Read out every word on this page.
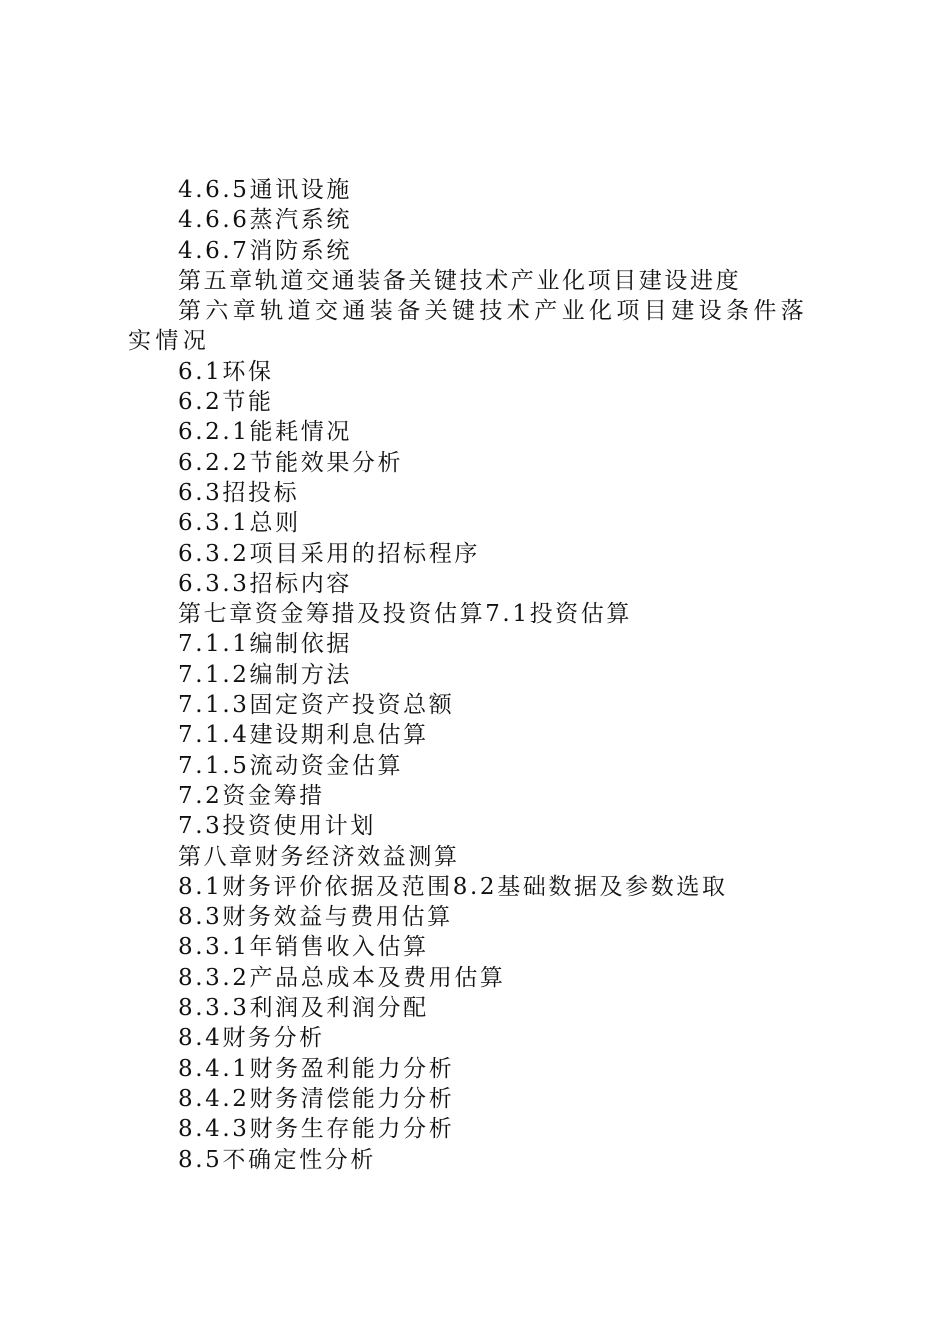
4.6.5通讯设施
4.6.6蒸汽系统
4.6.7消防系统
第五章轨道交通装备关键技术产业化项目建设进度
第六章轨道交通装备关键技术产业化项目建设条件落实情况
6.1环保
6.2节能
6.2.1能耗情况
6.2.2节能效果分析
6.3招投标
6.3.1总则
6.3.2项目采用的招标程序
6.3.3招标内容
第七章资金筹措及投资估算7.1投资估算
7.1.1编制依据
7.1.2编制方法
7.1.3固定资产投资总额
7.1.4建设期利息估算
7.1.5流动资金估算
7.2资金筹措
7.3投资使用计划
第八章财务经济效益测算
8.1财务评价依据及范围8.2基础数据及参数选取
8.3财务效益与费用估算
8.3.1年销售收入估算
8.3.2产品总成本及费用估算
8.3.3利润及利润分配
8.4财务分析
8.4.1财务盈利能力分析
8.4.2财务清偿能力分析
8.4.3财务生存能力分析
8.5不确定性分析
